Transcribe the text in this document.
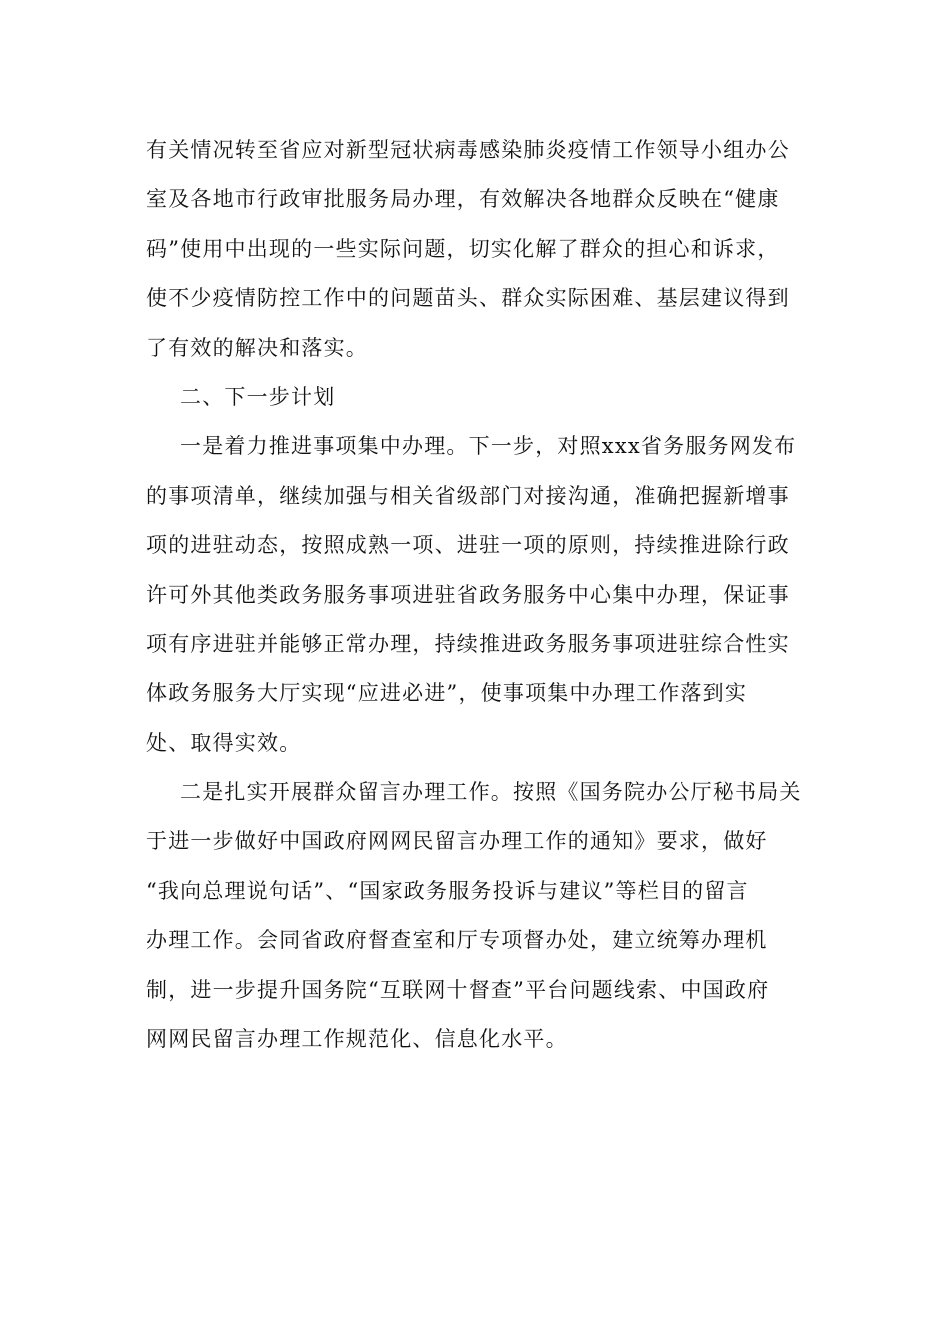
有关情况转至省应对新型冠状病毒感染肺炎疫情工作领导小组办公
室及各地市行政审批服务局办理，有效解决各地群众反映在“健康
码”使用中出现的一些实际问题，切实化解了群众的担心和诉求，
使不少疫情防控工作中的问题苗头、群众实际困难、基层建议得到
了有效的解决和落实。
二、下一步计划
一是着力推进事项集中办理。下一步，对照xxx省务服务网发布
的事项清单，继续加强与相关省级部门对接沟通，准确把握新增事
项的进驻动态，按照成熟一项、进驻一项的原则，持续推进除行政
许可外其他类政务服务事项进驻省政务服务中心集中办理，保证事
项有序进驻并能够正常办理，持续推进政务服务事项进驻综合性实
体政务服务大厅实现“应进必进”，使事项集中办理工作落到实
处、取得实效。
二是扎实开展群众留言办理工作。按照《国务院办公厅秘书局关
于进一步做好中国政府网网民留言办理工作的通知》要求，做好
“我向总理说句话”、“国家政务服务投诉与建议”等栏目的留言
办理工作。会同省政府督查室和厅专项督办处，建立统筹办理机
制，进一步提升国务院“互联网十督查”平台问题线索、中国政府
网网民留言办理工作规范化、信息化水平。
